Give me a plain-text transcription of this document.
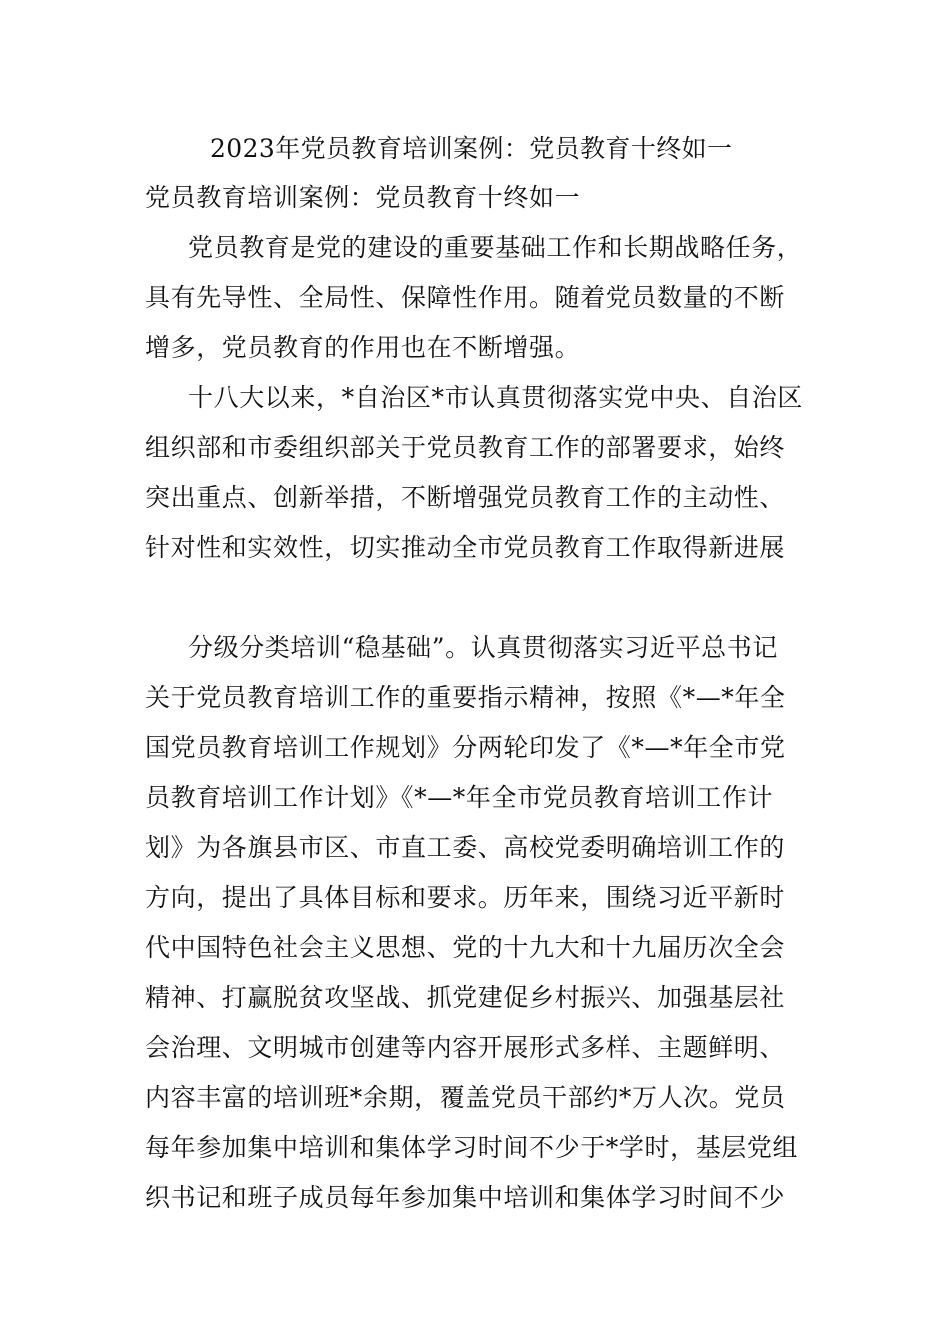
2023年党员教育培训案例：党员教育十终如一
党员教育培训案例：党员教育十终如一
党员教育是党的建设的重要基础工作和长期战略任务，
具有先导性、全局性、保障性作用。随着党员数量的不断
增多，党员教育的作用也在不断增强。
十八大以来，*自治区*市认真贯彻落实党中央、自治区
组织部和市委组织部关于党员教育工作的部署要求，始终
突出重点、创新举措，不断增强党员教育工作的主动性、
针对性和实效性，切实推动全市党员教育工作取得新进展
分级分类培训“稳基础”。认真贯彻落实习近平总书记
关于党员教育培训工作的重要指示精神，按照《*—*年全
国党员教育培训工作规划》分两轮印发了《*—*年全市党
员教育培训工作计划》《*—*年全市党员教育培训工作计
划》为各旗县市区、市直工委、高校党委明确培训工作的
方向，提出了具体目标和要求。历年来，围绕习近平新时
代中国特色社会主义思想、党的十九大和十九届历次全会
精神、打赢脱贫攻坚战、抓党建促乡村振兴、加强基层社
会治理、文明城市创建等内容开展形式多样、主题鲜明、
内容丰富的培训班*余期，覆盖党员干部约*万人次。党员
每年参加集中培训和集体学习时间不少于*学时，基层党组
织书记和班子成员每年参加集中培训和集体学习时间不少
